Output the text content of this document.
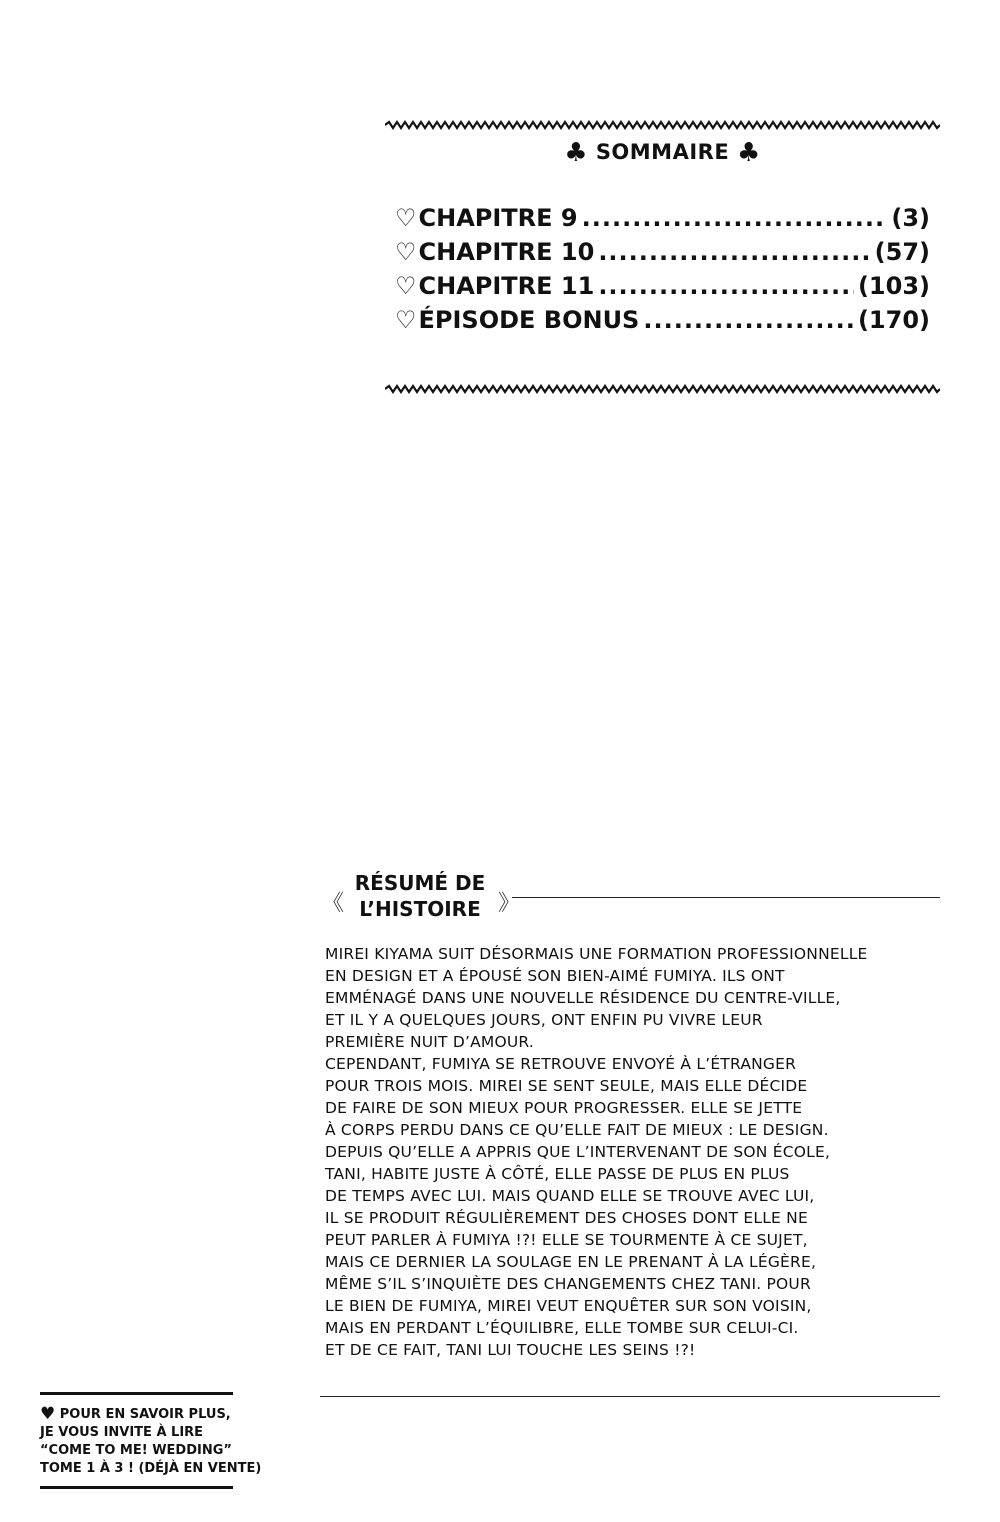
♣ SOMMAIRE ♣
♡ CHAPITRE 9 .....	(3)
♡ CHAPITRE 10 .....	(57)
♡ CHAPITRE 11 .....	(103)
♡ ÉPISODE BONUS .....	(170)
《
RÉSUMÉ DE
L’HISTOIRE 》
MIREI KIYAMA SUIT DÉSORMAIS UNE FORMATION PROFESSIONNELLE
EN DESIGN ET A ÉPOUSÉ SON BIEN-AIMÉ FUMIYA. ILS ONT
EMMÉNAGÉ DANS UNE NOUVELLE RÉSIDENCE DU CENTRE-VILLE,
ET IL Y A QUELQUES JOURS, ONT ENFIN PU VIVRE LEUR
PREMIÈRE NUIT D’AMOUR.
CEPENDANT, FUMIYA SE RETROUVE ENVOYÉ À L’ÉTRANGER
POUR TROIS MOIS. MIREI SE SENT SEULE, MAIS ELLE DÉCIDE
DE FAIRE DE SON MIEUX POUR PROGRESSER. ELLE SE JETTE
À CORPS PERDU DANS CE QU’ELLE FAIT DE MIEUX : LE DESIGN.
DEPUIS QU’ELLE A APPRIS QUE L’INTERVENANT DE SON ÉCOLE,
TANI, HABITE JUSTE À CÔTÉ, ELLE PASSE DE PLUS EN PLUS
DE TEMPS AVEC LUI. MAIS QUAND ELLE SE TROUVE AVEC LUI,
IL SE PRODUIT RÉGULIÈREMENT DES CHOSES DONT ELLE NE
PEUT PARLER À FUMIYA !?! ELLE SE TOURMENTE À CE SUJET,
MAIS CE DERNIER LA SOULAGE EN LE PRENANT À LA LÉGÈRE,
MÊME S’IL S’INQUIÈTE DES CHANGEMENTS CHEZ TANI. POUR
LE BIEN DE FUMIYA, MIREI VEUT ENQUÊTER SUR SON VOISIN,
MAIS EN PERDANT L’ÉQUILIBRE, ELLE TOMBE SUR CELUI-CI.
ET DE CE FAIT, TANI LUI TOUCHE LES SEINS !?!
♥ POUR EN SAVOIR PLUS,
JE VOUS INVITE À LIRE
“COME TO ME! WEDDING”
TOME 1 À 3 ! (DÉJÀ EN VENTE)
